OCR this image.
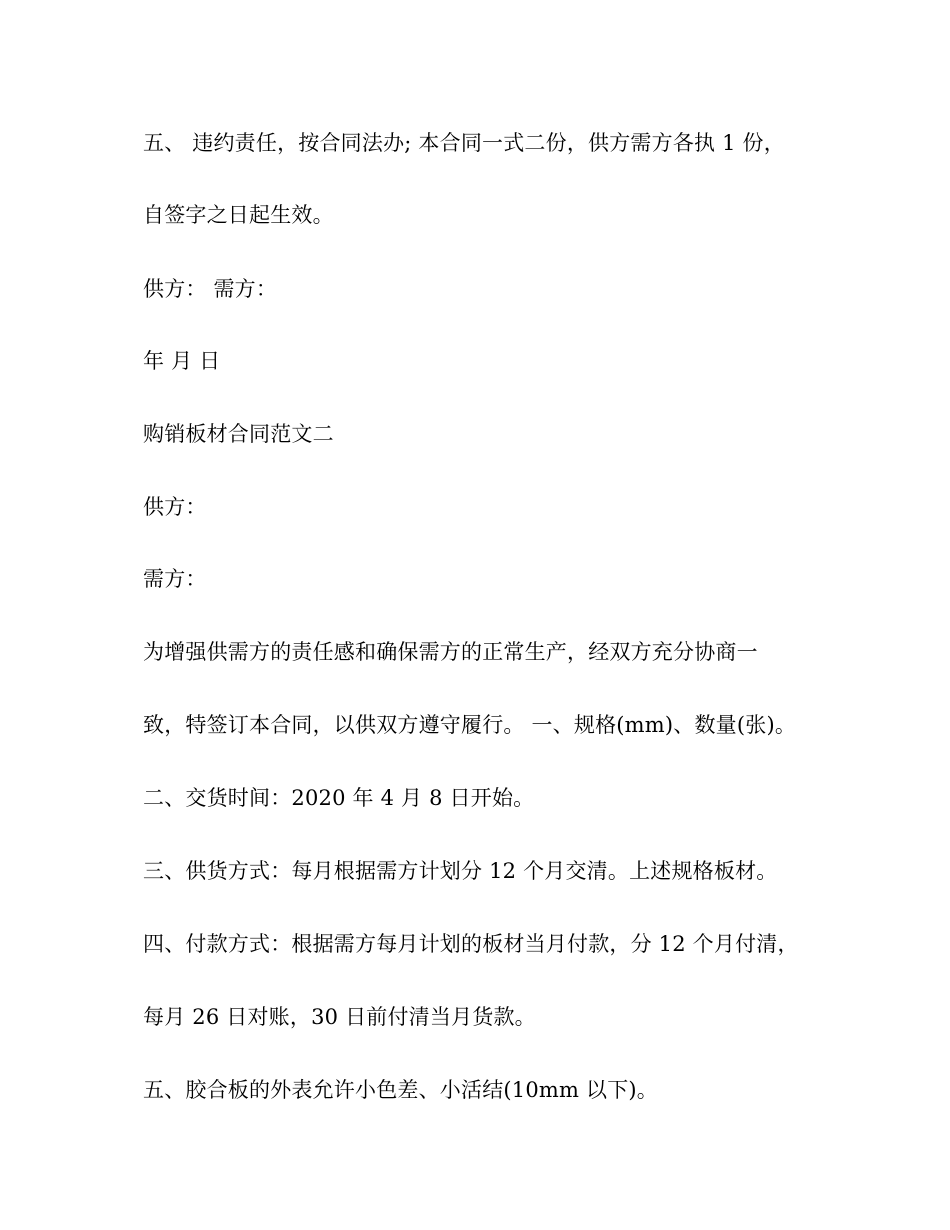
五、 违约责任，按合同法办; 本合同一式二份，供方需方各执 1 份，
自签字之日起生效。
供方： 需方：
年 月 日
购销板材合同范文二
供方：
需方：
为增强供需方的责任感和确保需方的正常生产，经双方充分协商一
致，特签订本合同，以供双方遵守履行。 一、规格(mm)、数量(张)。
二、交货时间：2020 年 4 月 8 日开始。
三、供货方式：每月根据需方计划分 12 个月交清。上述规格板材。
四、付款方式：根据需方每月计划的板材当月付款，分 12 个月付清，
每月 26 日对账，30 日前付清当月货款。
五、胶合板的外表允许小色差、小活结(10mm 以下)。
